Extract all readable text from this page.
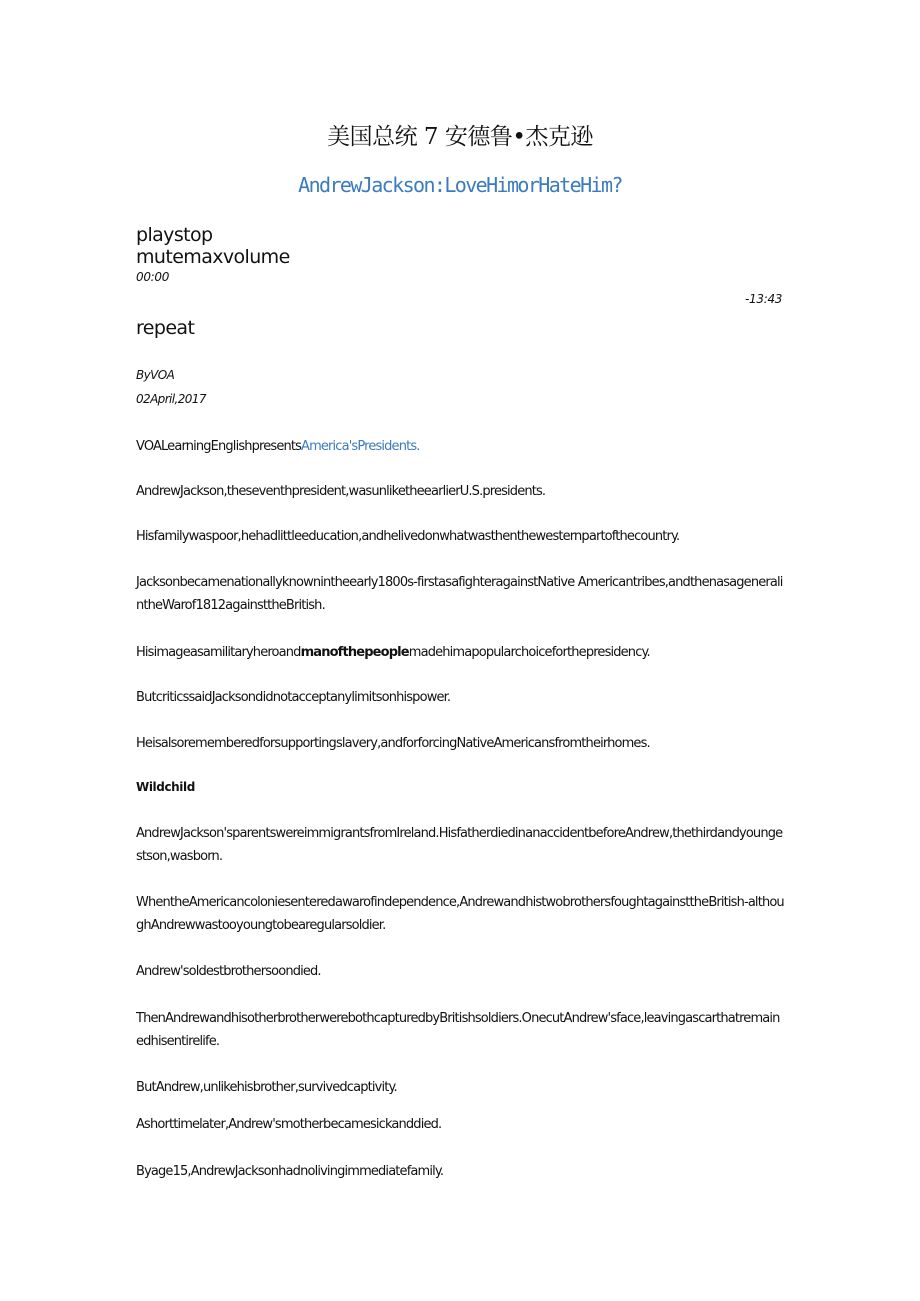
美国总统 7 安德鲁•杰克逊
AndrewJackson:LoveHimorHateHim?
playstop
mutemaxvolume
00:00
-13:43
repeat
ByVOA
02April,2017

VOALearningEnglishpresentsAmerica'sPresidents.

AndrewJackson,theseventhpresident,wasunliketheearlierU.S.presidents.

Hisfamilywaspoor,hehadlittleeducation,andhelivedonwhatwasthenthewesternpartofthecountry.

Jacksonbecamenationallyknownintheearly1800s-firstasafighteragainstNative Americantribes,andthenasageneralintheWarof1812againsttheBritish.

Hisimageasamilitaryheroandmanofthepeoplemadehimapopularchoiceforthepresidency.

ButcriticssaidJacksondidnotacceptanylimitsonhispower.

Heisalsorememberedforsupportingslavery,andforforcingNativeAmericansfromtheirhomes.

Wildchild

AndrewJackson'sparentswereimmigrantsfromIreland.HisfatherdiedinanaccidentbeforeAndrew,thethirdandyoungestson,wasborn.

WhentheAmericancoloniesenteredawarofindependence,AndrewandhistwobrothersfoughtagainsttheBritish-althoughAndrewwastooyoungtobearegularsoldier.

Andrew'soldestbrothersoondied.

ThenAndrewandhisotherbrotherwerebothcapturedbyBritishsoldiers.OnecutAndrew'sface,leavingascarthatremainedhisentirelife.

ButAndrew,unlikehisbrother,survivedcaptivity.

Ashorttimelater,Andrew'smotherbecamesickanddied.

Byage15,AndrewJacksonhadnolivingimmediatefamily.
